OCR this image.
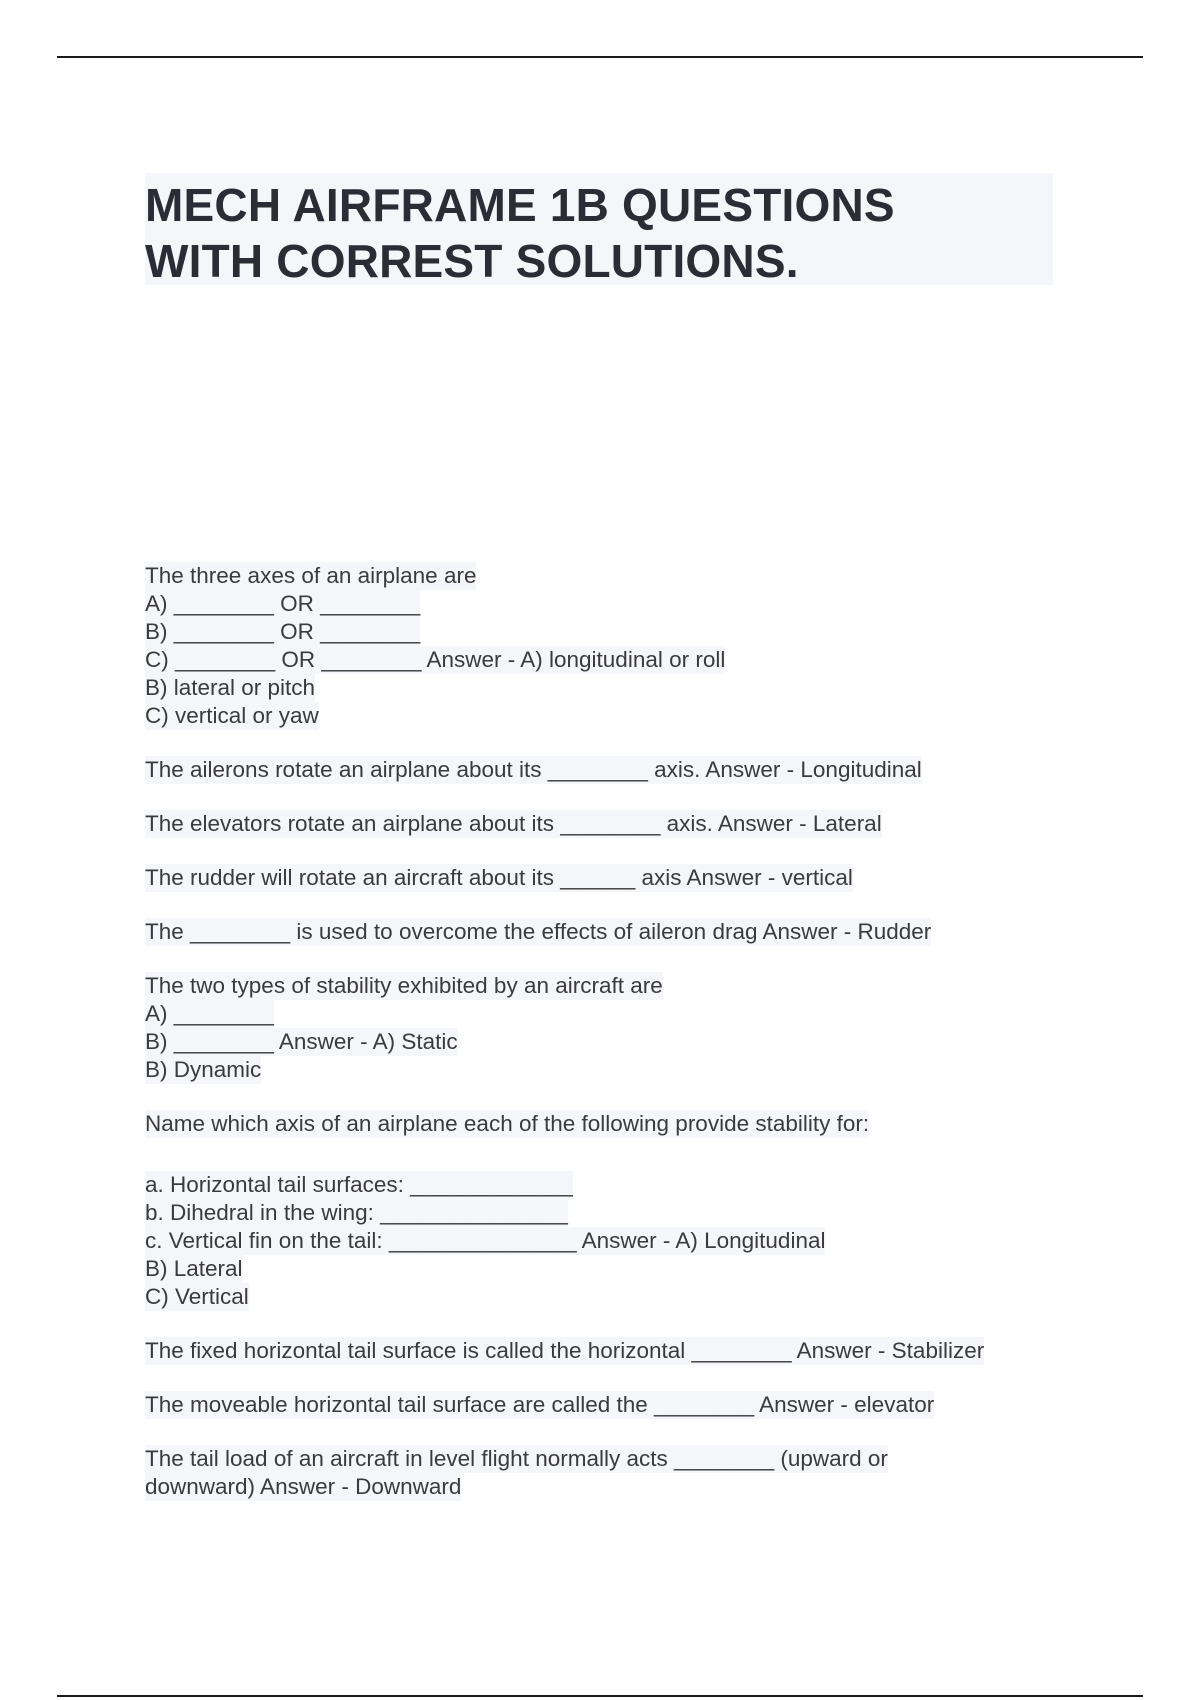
MECH AIRFRAME 1B QUESTIONS
WITH CORREST SOLUTIONS.
The three axes of an airplane are
A) ________ OR ________
B) ________ OR ________
C) ________ OR ________ Answer - A) longitudinal or roll
B) lateral or pitch
C) vertical or yaw
The ailerons rotate an airplane about its ________ axis. Answer - Longitudinal
The elevators rotate an airplane about its ________ axis. Answer - Lateral
The rudder will rotate an aircraft about its ______ axis Answer - vertical
The ________ is used to overcome the effects of aileron drag Answer - Rudder
The two types of stability exhibited by an aircraft are
A) ________
B) ________ Answer - A) Static
B) Dynamic
Name which axis of an airplane each of the following provide stability for:

a. Horizontal tail surfaces: _____________
b. Dihedral in the wing: _______________
c. Vertical fin on the tail: _______________ Answer - A) Longitudinal
B) Lateral
C) Vertical
The fixed horizontal tail surface is called the horizontal ________ Answer - Stabilizer
The moveable horizontal tail surface are called the ________ Answer - elevator
The tail load of an aircraft in level flight normally acts ________ (upward or
downward) Answer - Downward
